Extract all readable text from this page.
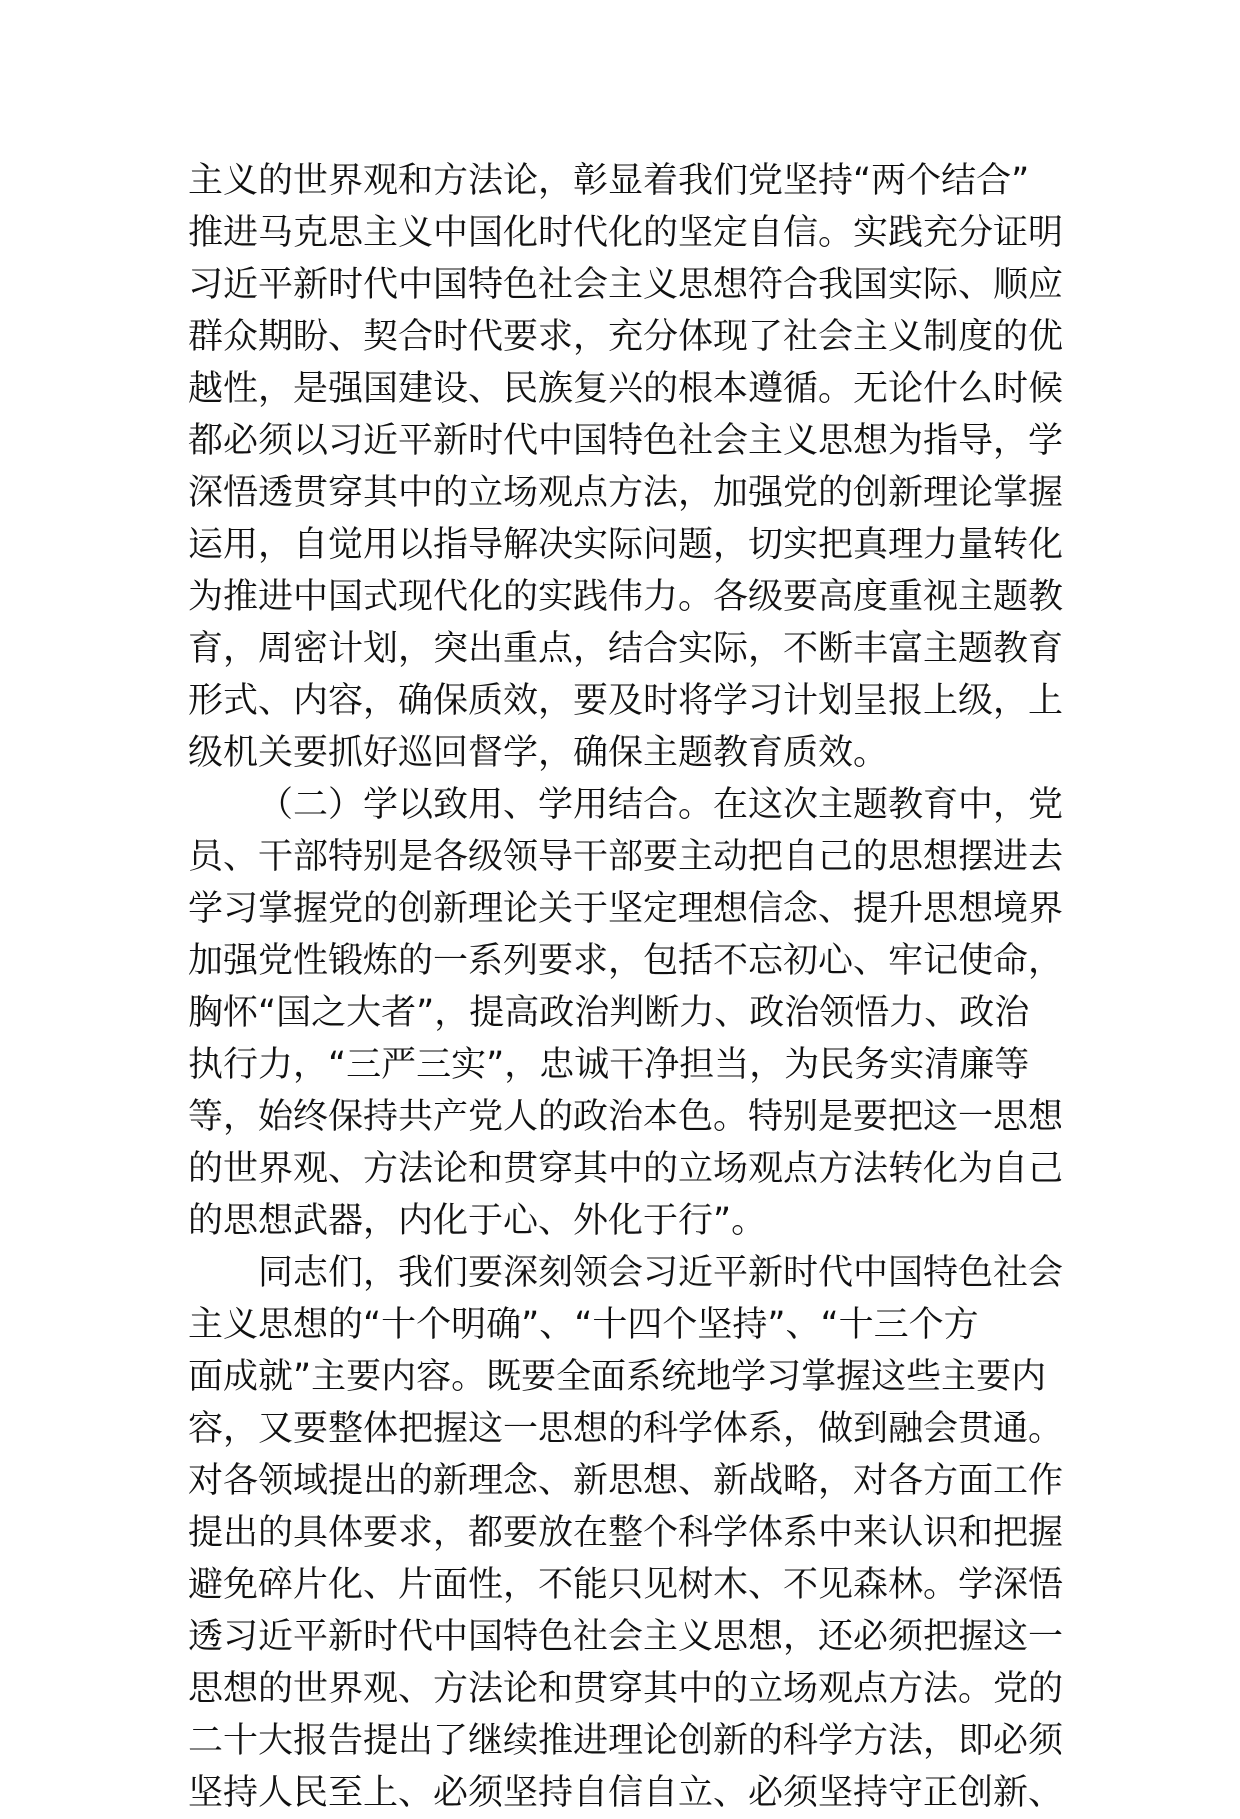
主义的世界观和方法论，彰显着我们党坚持“两个结合”
推进马克思主义中国化时代化的坚定自信。实践充分证明
习近平新时代中国特色社会主义思想符合我国实际、顺应
群众期盼、契合时代要求，充分体现了社会主义制度的优
越性，是强国建设、民族复兴的根本遵循。无论什么时候
都必须以习近平新时代中国特色社会主义思想为指导，学
深悟透贯穿其中的立场观点方法，加强党的创新理论掌握
运用，自觉用以指导解决实际问题，切实把真理力量转化
为推进中国式现代化的实践伟力。各级要高度重视主题教
育，周密计划，突出重点，结合实际，不断丰富主题教育
形式、内容，确保质效，要及时将学习计划呈报上级，上
级机关要抓好巡回督学，确保主题教育质效。
（二）学以致用、学用结合。在这次主题教育中，党
员、干部特别是各级领导干部要主动把自己的思想摆进去
学习掌握党的创新理论关于坚定理想信念、提升思想境界
加强党性锻炼的一系列要求，包括不忘初心、牢记使命，
胸怀“国之大者”，提高政治判断力、政治领悟力、政治
执行力，“三严三实”，忠诚干净担当，为民务实清廉等
等，始终保持共产党人的政治本色。特别是要把这一思想
的世界观、方法论和贯穿其中的立场观点方法转化为自己
的思想武器，内化于心、外化于行”。
同志们，我们要深刻领会习近平新时代中国特色社会
主义思想的“十个明确”、“十四个坚持”、“十三个方
面成就”主要内容。既要全面系统地学习掌握这些主要内
容，又要整体把握这一思想的科学体系，做到融会贯通。
对各领域提出的新理念、新思想、新战略，对各方面工作
提出的具体要求，都要放在整个科学体系中来认识和把握
避免碎片化、片面性，不能只见树木、不见森林。学深悟
透习近平新时代中国特色社会主义思想，还必须把握这一
思想的世界观、方法论和贯穿其中的立场观点方法。党的
二十大报告提出了继续推进理论创新的科学方法，即必须
坚持人民至上、必须坚持自信自立、必须坚持守正创新、
